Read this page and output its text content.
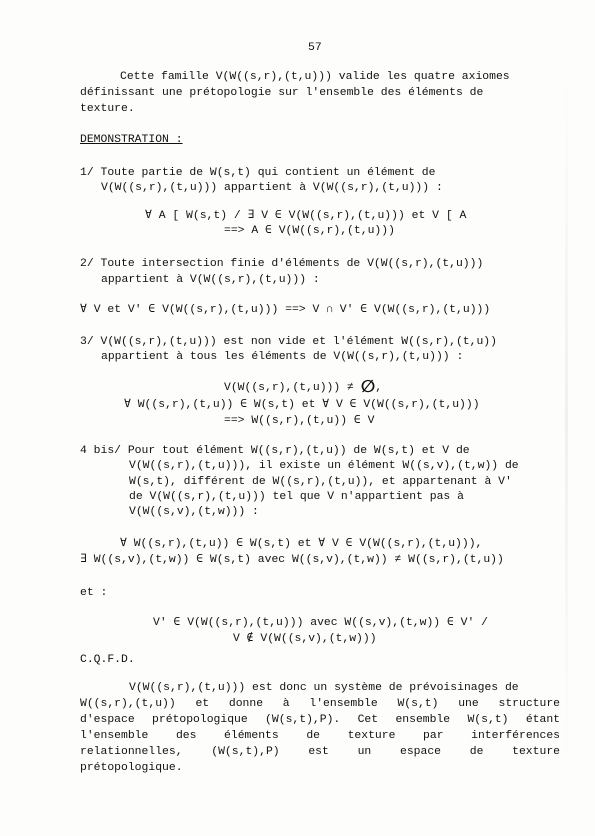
57
Cette famille V(W((s,r),(t,u))) valide les quatre axiomes
définissant une prétopologie sur l'ensemble des éléments de
texture.
DEMONSTRATION :
1/ Toute partie de W(s,t) qui contient un élément de
V(W((s,r),(t,u))) appartient à V(W((s,r),(t,u))) :
∀ A [ W(s,t) / ∃ V ∈ V(W((s,r),(t,u))) et V [ A
==> A ∈ V(W((s,r),(t,u)))
2/ Toute intersection finie d'éléments de V(W((s,r),(t,u)))
appartient à V(W((s,r),(t,u))) :
∀ V et V' ∈ V(W((s,r),(t,u))) ==> V ∩ V' ∈ V(W((s,r),(t,u)))
3/ V(W((s,r),(t,u))) est non vide et l'élément W((s,r),(t,u))
appartient à tous les éléments de V(W((s,r),(t,u))) :
V(W((s,r),(t,u))) ≠ ∅,
∀ W((s,r),(t,u)) ∈ W(s,t) et ∀ V ∈ V(W((s,r),(t,u)))
==> W((s,r),(t,u)) ∈ V
4 bis/ Pour tout élément W((s,r),(t,u)) de W(s,t) et V de
V(W((s,r),(t,u))), il existe un élément W((s,v),(t,w)) de
W(s,t), différent de W((s,r),(t,u)), et appartenant à V'
de V(W((s,r),(t,u))) tel que V n'appartient pas à
V(W((s,v),(t,w))) :
∀ W((s,r),(t,u)) ∈ W(s,t) et ∀ V ∈ V(W((s,r),(t,u))),
∃ W((s,v),(t,w)) ∈ W(s,t) avec W((s,v),(t,w)) ≠ W((s,r),(t,u))
et :
V' ∈ V(W((s,r),(t,u))) avec W((s,v),(t,w)) ∈ V' /
V ∉ V(W((s,v),(t,w)))
C.Q.F.D.
V(W((s,r),(t,u))) est donc un système de prévoisinages de
W((s,r),(t,u)) et donne à l'ensemble W(s,t) une structure
d'espace prétopologique (W(s,t),P). Cet ensemble W(s,t) étant
l'ensemble des éléments de texture par interférences
relationnelles, (W(s,t),P) est un espace de texture
prétopologique.
